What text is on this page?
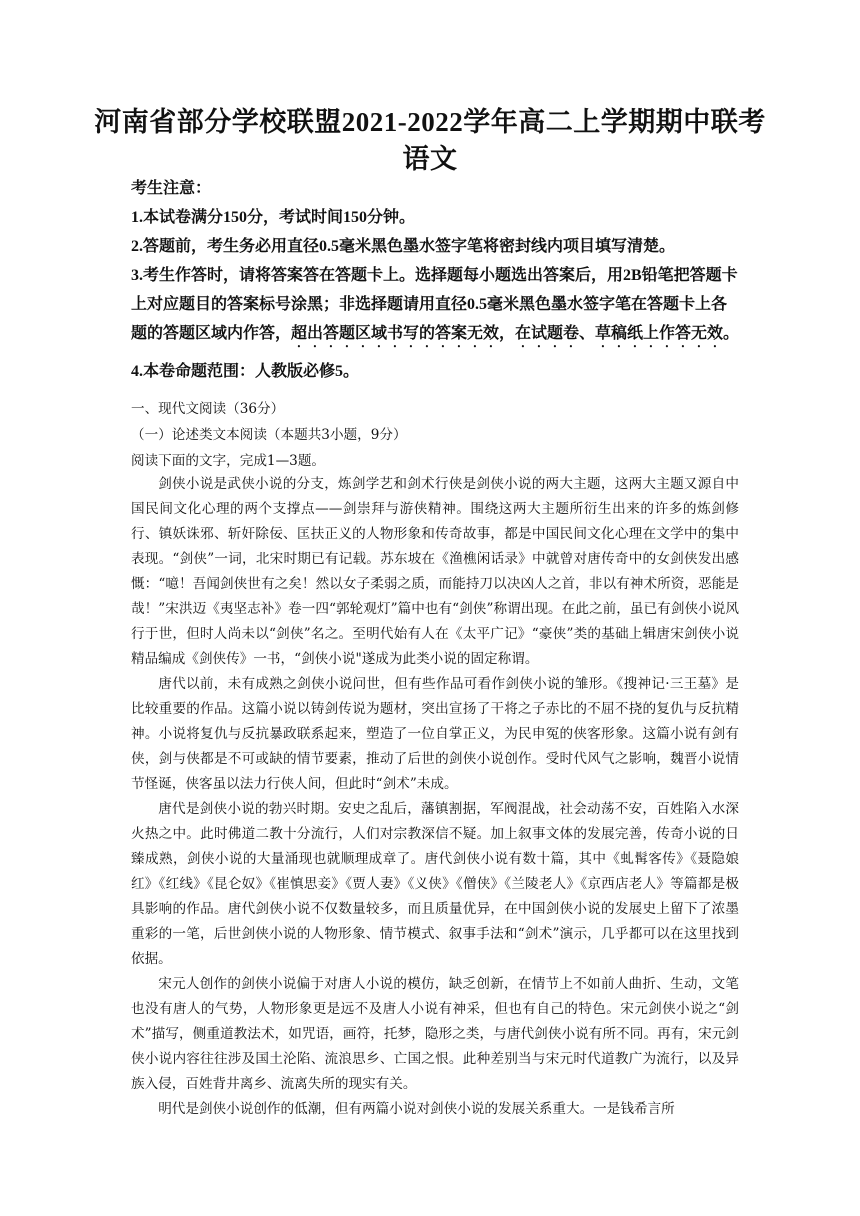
河南省部分学校联盟2021-2022学年高二上学期期中联考
语文

考生注意：

1.本试卷满分150分，考试时间150分钟。

2.答题前，考生务必用直径0.5毫米黑色墨水签字笔将密封线内项目填写清楚。

3.考生作答时，请将答案答在答题卡上。选择题每小题选出答案后，用2B铅笔把答题卡上对应题目的答案标号涂黑；非选择题请用直径0.5毫米黑色墨水签字笔在答题卡上各题的答题区域内作答，超出答题区域书写的答案无效，在试题卷、草稿纸上作答无效。

4.本卷命题范围：人教版必修5。

一、现代文阅读（36分）
（一）论述类文本阅读（本题共3小题，9分）
阅读下面的文字，完成1—3题。

剑侠小说是武侠小说的分支，炼剑学艺和剑术行侠是剑侠小说的两大主题，这两大主题又源自中国民间文化心理的两个支撑点——剑崇拜与游侠精神。围绕这两大主题所衍生出来的许多的炼剑修行、镇妖诛邪、斩奸除佞、匡扶正义的人物形象和传奇故事，都是中国民间文化心理在文学中的集中表现。“剑侠”一词，北宋时期已有记载。苏东坡在《渔樵闲话录》中就曾对唐传奇中的女剑侠发出感慨：“噫！吾闻剑侠世有之矣！然以女子柔弱之质，而能持刀以决凶人之首，非以有神术所资，恶能是哉！”宋洪迈《夷坚志补》卷一四“郭轮观灯”篇中也有“剑侠”称谓出现。在此之前，虽已有剑侠小说风行于世，但时人尚未以“剑侠”名之。至明代始有人在《太平广记》“豪侠”类的基础上辑唐宋剑侠小说精品编成《剑侠传》一书，“剑侠小说"遂成为此类小说的固定称谓。

唐代以前，未有成熟之剑侠小说问世，但有些作品可看作剑侠小说的雏形。《搜神记·三王墓》是比较重要的作品。这篇小说以铸剑传说为题材，突出宣扬了干将之子赤比的不屈不挠的复仇与反抗精神。小说将复仇与反抗暴政联系起来，塑造了一位自掌正义，为民申冤的侠客形象。这篇小说有剑有侠，剑与侠都是不可或缺的情节要素，推动了后世的剑侠小说创作。受时代风气之影响，魏晋小说情节怪诞，侠客虽以法力行侠人间，但此时“剑术”未成。

唐代是剑侠小说的勃兴时期。安史之乱后，藩镇割据，军阀混战，社会动荡不安，百姓陷入水深火热之中。此时佛道二教十分流行，人们对宗教深信不疑。加上叙事文体的发展完善，传奇小说的日臻成熟，剑侠小说的大量涌现也就顺理成章了。唐代剑侠小说有数十篇，其中《虬髯客传》《聂隐娘红》《红线》《昆仑奴》《崔慎思妾》《贾人妻》《义侠》《僧侠》《兰陵老人》《京西店老人》等篇都是极具影响的作品。唐代剑侠小说不仅数量较多，而且质量优异，在中国剑侠小说的发展史上留下了浓墨重彩的一笔，后世剑侠小说的人物形象、情节模式、叙事手法和“剑术”演示，几乎都可以在这里找到依据。

宋元人创作的剑侠小说偏于对唐人小说的模仿，缺乏创新，在情节上不如前人曲折、生动，文笔也没有唐人的气势，人物形象更是远不及唐人小说有神采，但也有自己的特色。宋元剑侠小说之“剑术”描写，侧重道教法术，如咒语，画符，托梦，隐形之类，与唐代剑侠小说有所不同。再有，宋元剑侠小说内容往往涉及国土沦陷、流浪思乡、亡国之恨。此种差别当与宋元时代道教广为流行，以及异族入侵，百姓背井离乡、流离失所的现实有关。

明代是剑侠小说创作的低潮，但有两篇小说对剑侠小说的发展关系重大。一是钱希言所
